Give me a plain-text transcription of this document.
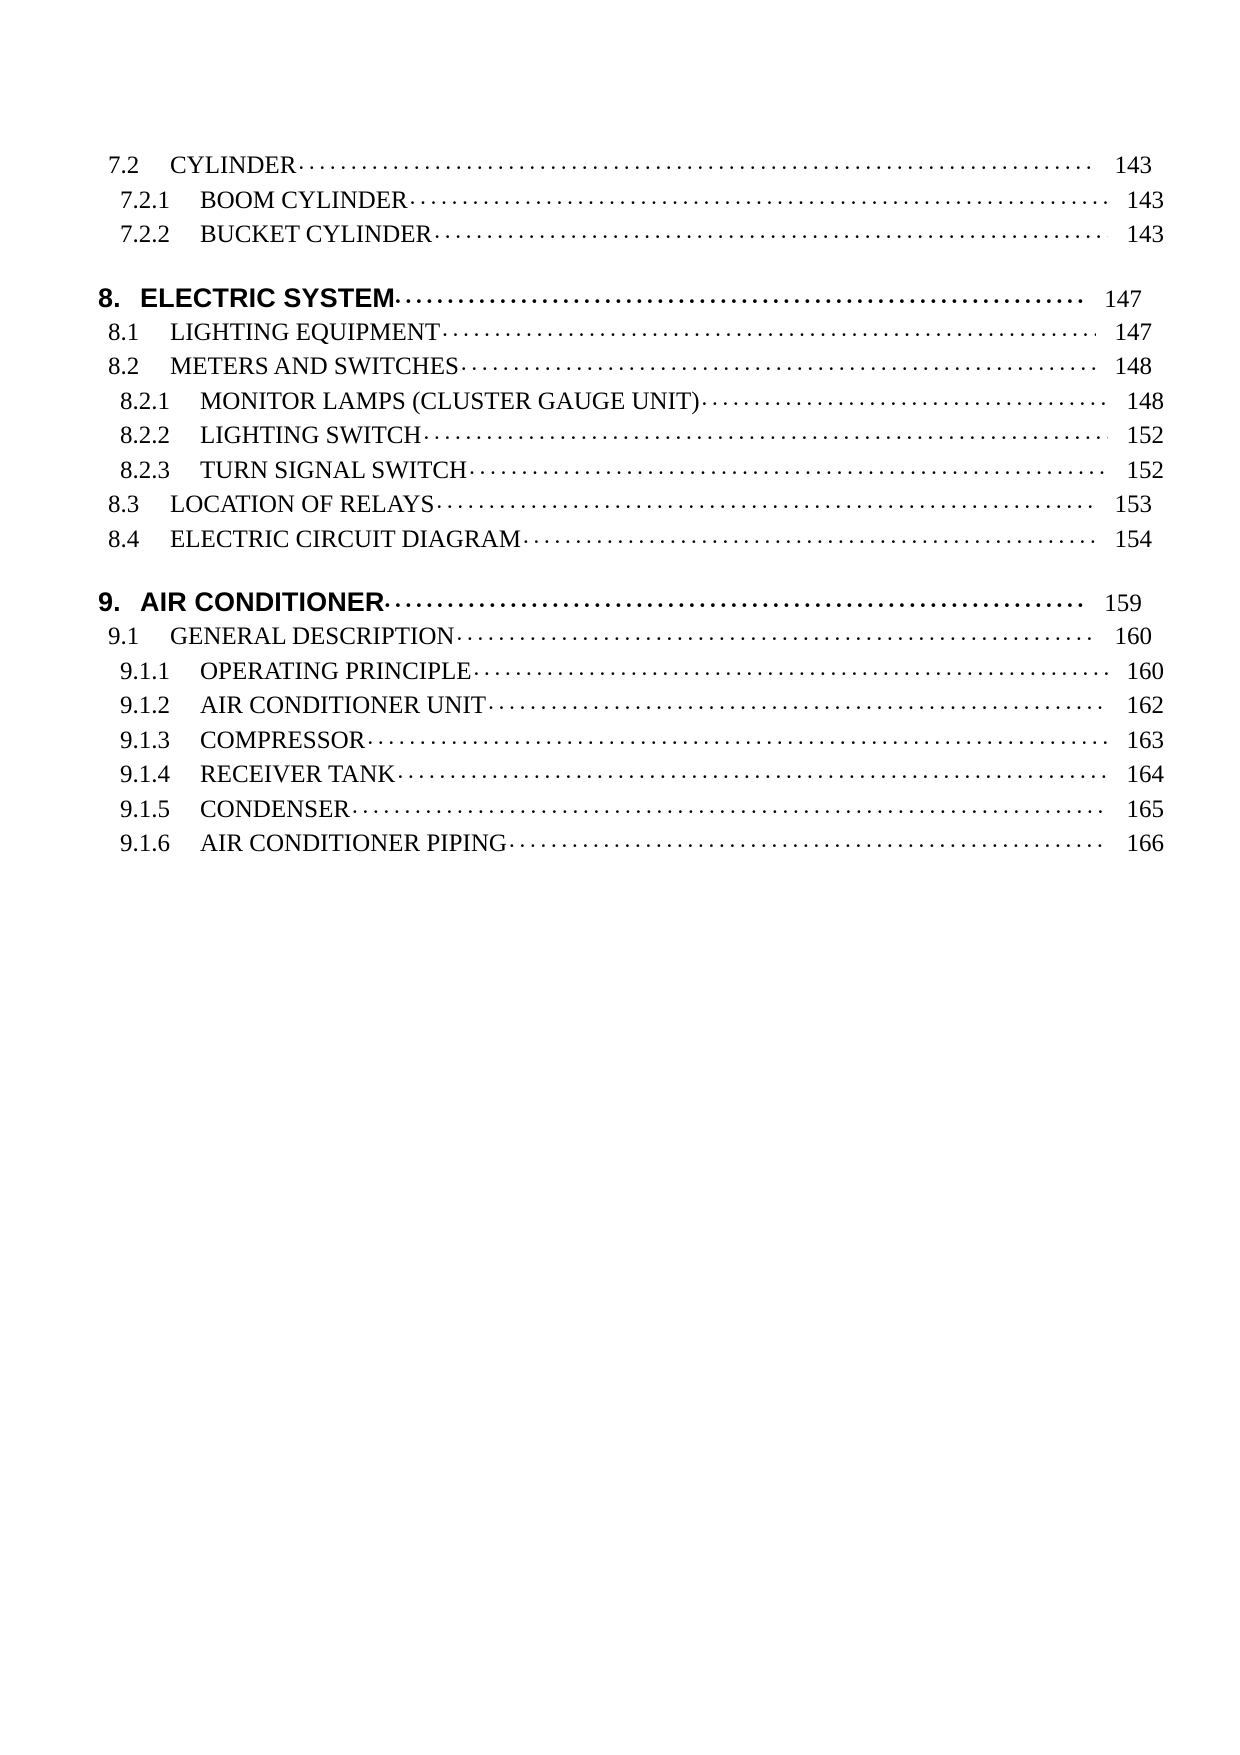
7.2	CYLINDER . . .	143
7.2.1	BOOM CYLINDER . . .	143
7.2.2	BUCKET CYLINDER . . .	143
8. ELECTRIC SYSTEM . . .	147
8.1	LIGHTING EQUIPMENT . . .	147
8.2	METERS AND SWITCHES . . .	148
8.2.1	MONITOR LAMPS (CLUSTER GAUGE UNIT) . . .	148
8.2.2	LIGHTING SWITCH . . .	152
8.2.3	TURN SIGNAL SWITCH . . .	152
8.3	LOCATION OF RELAYS . . .	153
8.4	ELECTRIC CIRCUIT DIAGRAM . . .	154
9. AIR CONDITIONER . . .	159
9.1	GENERAL DESCRIPTION . . .	160
9.1.1	OPERATING PRINCIPLE . . .	160
9.1.2	AIR CONDITIONER UNIT . . .	162
9.1.3	COMPRESSOR . . .	163
9.1.4	RECEIVER TANK . . .	164
9.1.5	CONDENSER . . .	165
9.1.6	AIR CONDITIONER PIPING . . .	166
